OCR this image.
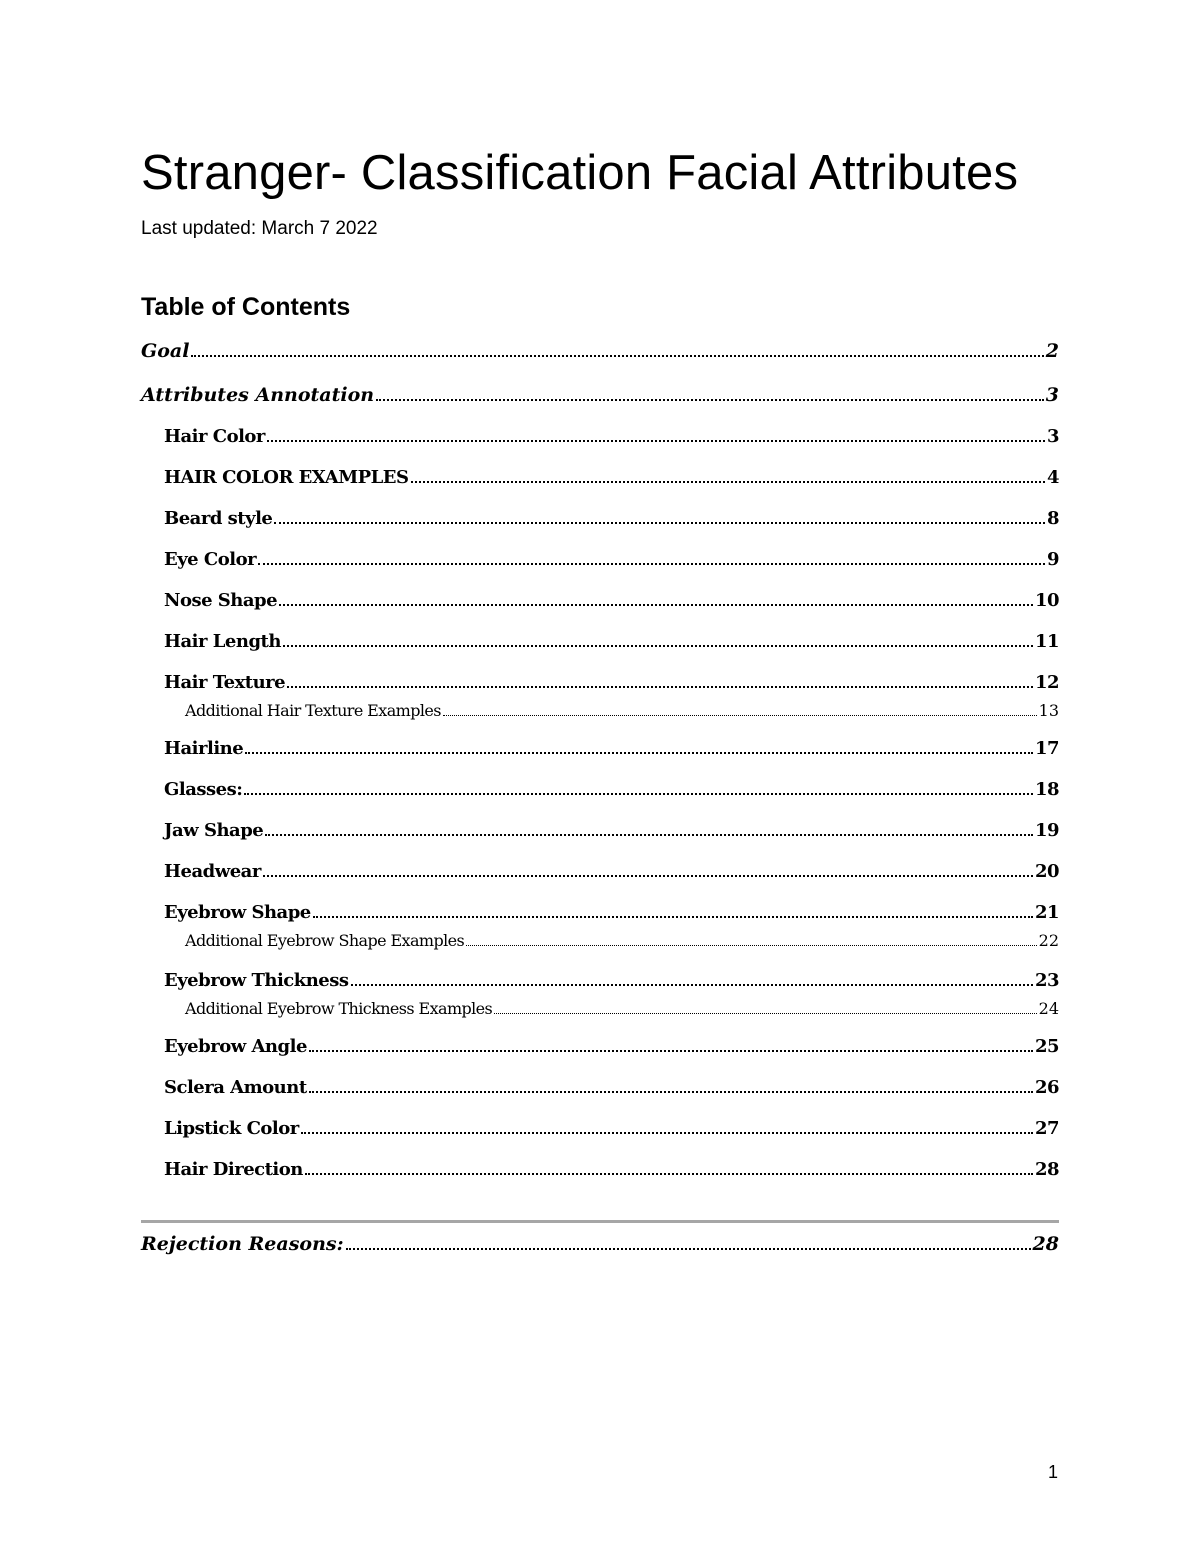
Stranger- Classification Facial Attributes
Last updated: March 7 2022
Table of Contents
Goal	2
Attributes Annotation	3
Hair Color	3
HAIR COLOR EXAMPLES	4
Beard style	8
Eye Color	9
Nose Shape	10
Hair Length	11
Hair Texture	12
Additional Hair Texture Examples	13
Hairline	17
Glasses:	18
Jaw Shape	19
Headwear	20
Eyebrow Shape	21
Additional Eyebrow Shape Examples	22
Eyebrow Thickness	23
Additional Eyebrow Thickness Examples	24
Eyebrow Angle	25
Sclera Amount	26
Lipstick Color	27
Hair Direction	28
Rejection Reasons:	28
1
